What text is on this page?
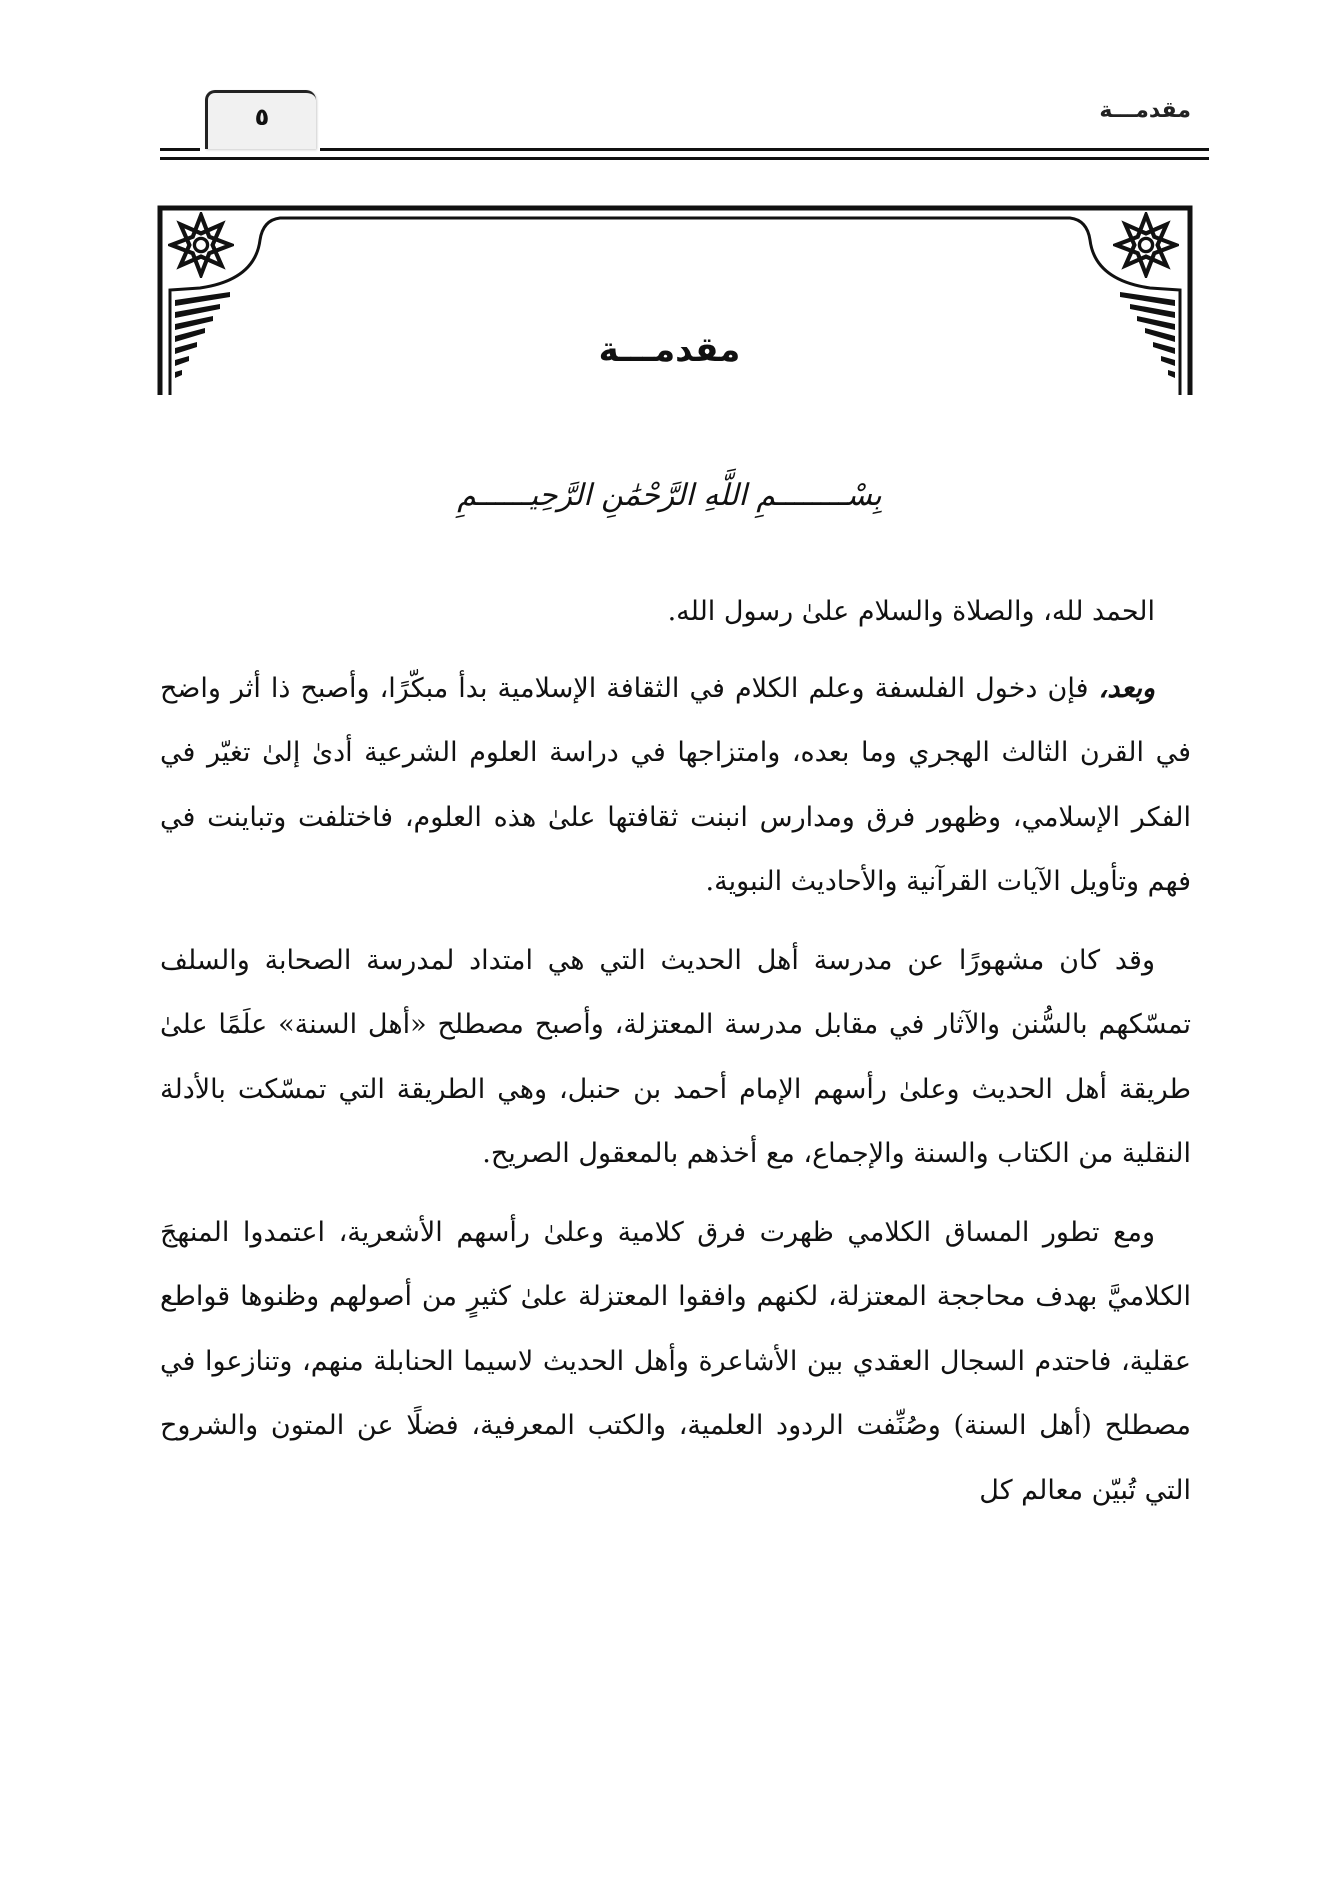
مقدمـــة
٥
مقدمـــة
بِسْــــــــمِ اللَّهِ الرَّحْمَٰنِ الرَّحِيــــــمِ

الحمد لله، والصلاة والسلام علىٰ رسول الله.

وبعد، فإن دخول الفلسفة وعلم الكلام في الثقافة الإسلامية بدأ مبكّرًا، وأصبح ذا أثر واضح في القرن الثالث الهجري وما بعده، وامتزاجها في دراسة العلوم الشرعية أدىٰ إلىٰ تغيّر في الفكر الإسلامي، وظهور فرق ومدارس انبنت ثقافتها علىٰ هذه العلوم، فاختلفت وتباينت في فهم وتأويل الآيات القرآنية والأحاديث النبوية.

وقد كان مشهورًا عن مدرسة أهل الحديث التي هي امتداد لمدرسة الصحابة والسلف تمسّكهم بالسُّنن والآثار في مقابل مدرسة المعتزلة، وأصبح مصطلح «أهل السنة» علَمًا علىٰ طريقة أهل الحديث وعلىٰ رأسهم الإمام أحمد بن حنبل، وهي الطريقة التي تمسّكت بالأدلة النقلية من الكتاب والسنة والإجماع، مع أخذهم بالمعقول الصريح.

ومع تطور المساق الكلامي ظهرت فرق كلامية وعلىٰ رأسهم الأشعرية، اعتمدوا المنهجَ الكلاميَّ بهدف محاججة المعتزلة، لكنهم وافقوا المعتزلة علىٰ كثيرٍ من أصولهم وظنوها قواطع عقلية، فاحتدم السجال العقدي بين الأشاعرة وأهل الحديث لاسيما الحنابلة منهم، وتنازعوا في مصطلح (أهل السنة) وصُنِّفت الردود العلمية، والكتب المعرفية، فضلًا عن المتون والشروح التي تُبيّن معالم كل
